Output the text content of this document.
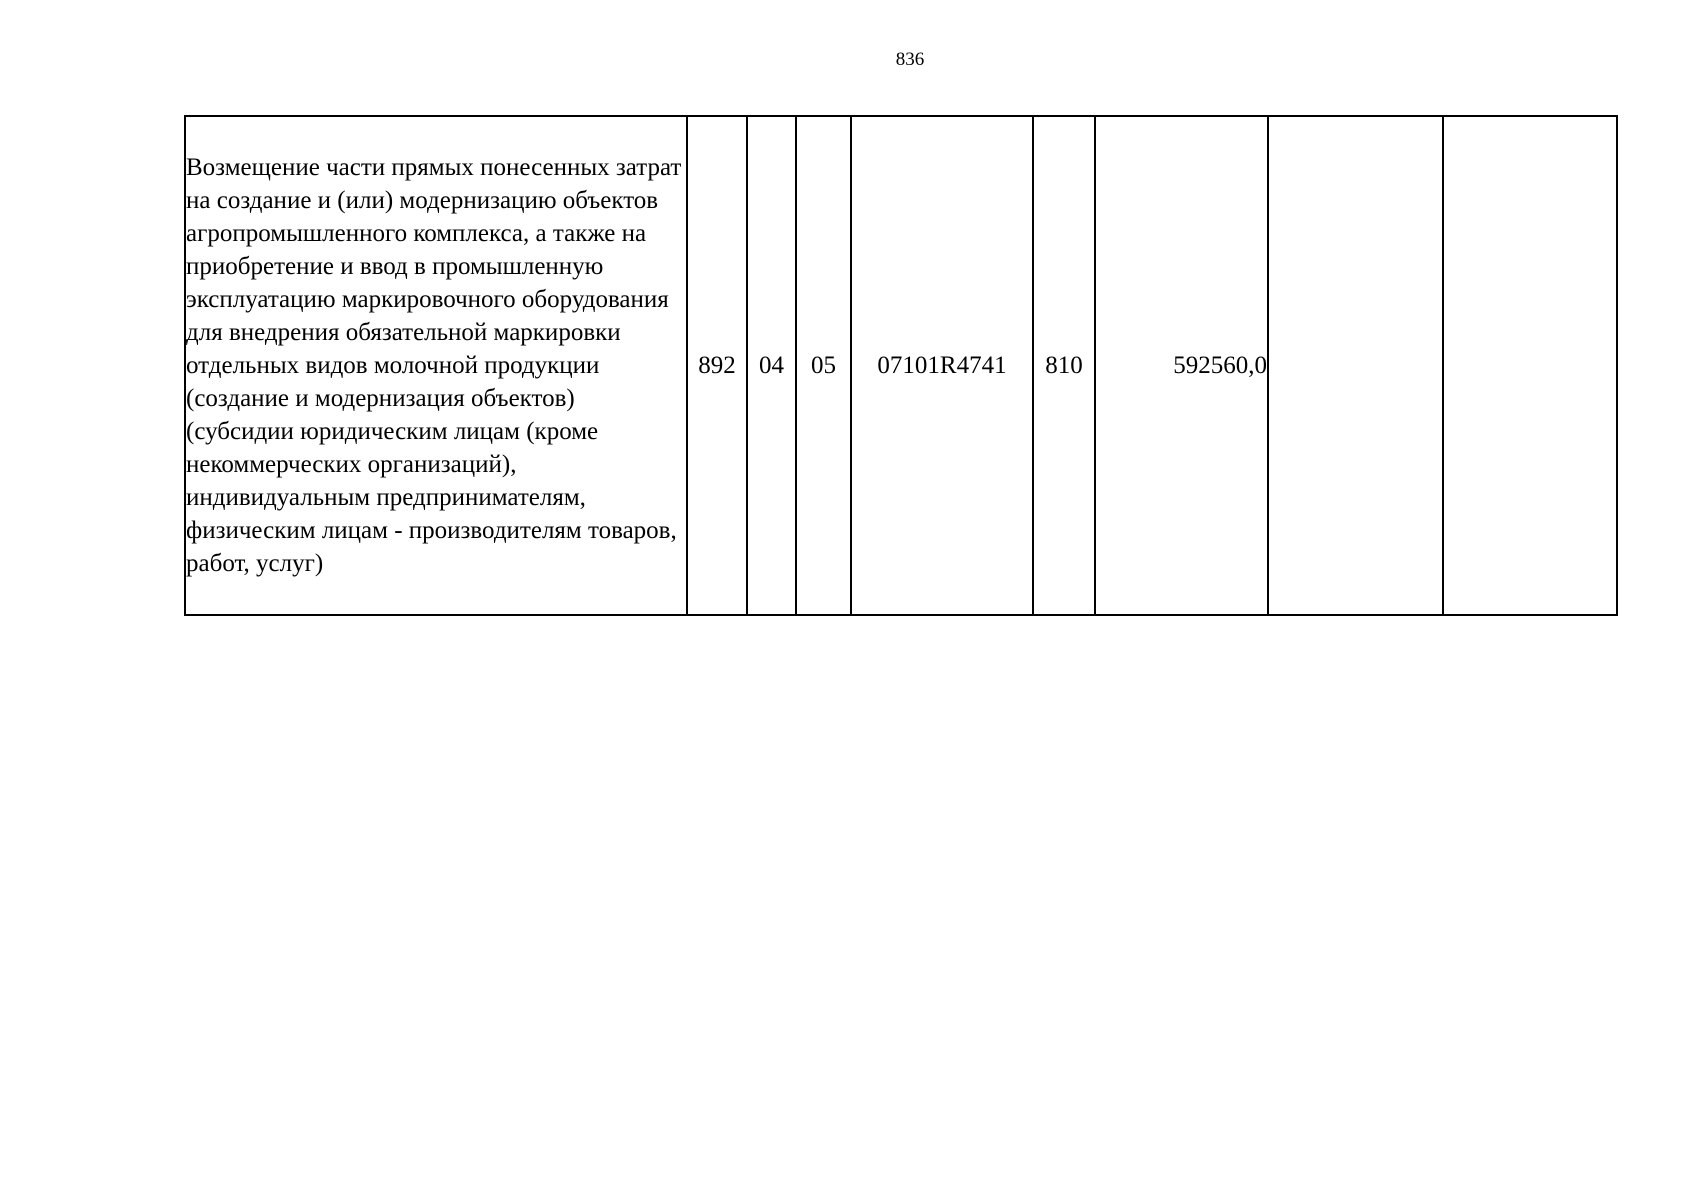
836
Возмещение части прямых понесенных затрат на создание и (или) модернизацию объектов агропромышленного комплекса, а также на приобретение и ввод в промышленную эксплуатацию маркировочного оборудования для внедрения обязательной маркировки отдельных видов молочной продукции (создание и модернизация объектов) (субсидии юридическим лицам (кроме некоммерческих организаций), индивидуальным предпринимателям, физическим лицам - производителям товаров, работ, услуг)	892	04	05	07101R4741	810	592560,0		
